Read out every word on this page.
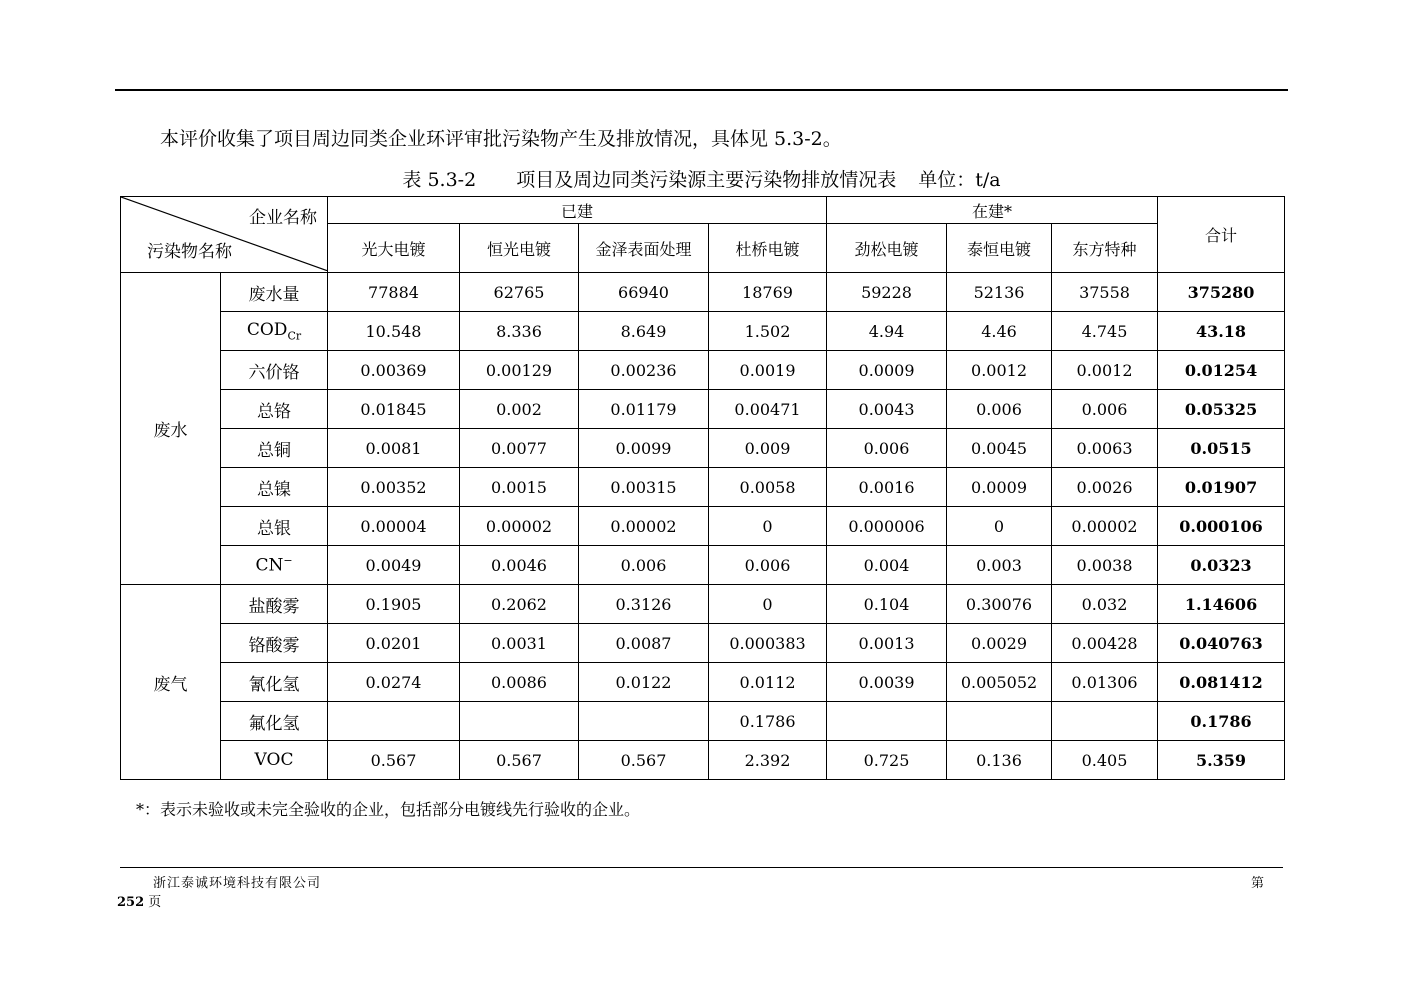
本评价收集了项目周边同类企业环评审批污染物产生及排放情况，具体见 5.3-2。
表 5.3-2 项目及周边同类污染源主要污染物排放情况表 单位：t/a
企业名称
污染物名称		已建				在建*			合计
		光大电镀	恒光电镀	金泽表面处理	杜桥电镀	劲松电镀	泰恒电镀	东方特种	
废水	废水量	77884	62765	66940	18769	59228	52136	37558	375280
	$COD_{Cr}$	10.548	8.336	8.649	1.502	4.94	4.46	4.745	43.18
	六价铬	0.00369	0.00129	0.00236	0.0019	0.0009	0.0012	0.0012	0.01254
	总铬	0.01845	0.002	0.01179	0.00471	0.0043	0.006	0.006	0.05325
	总铜	0.0081	0.0077	0.0099	0.009	0.006	0.0045	0.0063	0.0515
	总镍	0.00352	0.0015	0.00315	0.0058	0.0016	0.0009	0.0026	0.01907
	总银	0.00004	0.00002	0.00002	0	0.000006	0	0.00002	0.000106
	CN−	0.0049	0.0046	0.006	0.006	0.004	0.003	0.0038	0.0323
废气	盐酸雾	0.1905	0.2062	0.3126	0	0.104	0.30076	0.032	1.14606
	铬酸雾	0.0201	0.0031	0.0087	0.000383	0.0013	0.0029	0.00428	0.040763
	氰化氢	0.0274	0.0086	0.0122	0.0112	0.0039	0.005052	0.01306	0.081412
	氟化氢				0.1786				0.1786
	VOC	0.567	0.567	0.567	2.392	0.725	0.136	0.405	5.359
*：表示未验收或未完全验收的企业，包括部分电镀线先行验收的企业。
浙江泰诚环境科技有限公司	第
252 页
